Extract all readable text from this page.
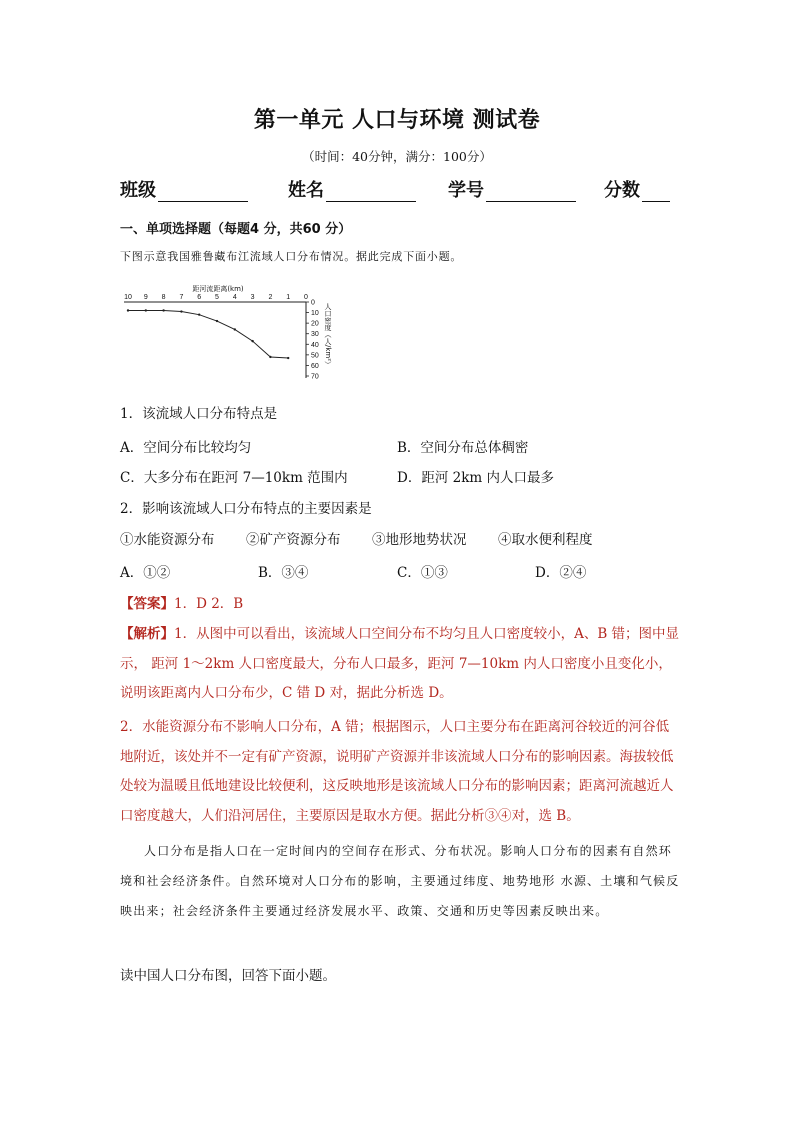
第一单元 人口与环境 测试卷
（时间：40分钟，满分：100分）
班级	姓名	学号	分数
一、单项选择题（每题4 分，共60 分）
下图示意我国雅鲁藏布江流域人口分布情况。据此完成下面小题。
10 9 8 7 6 5 4 3 2 1 0
距河流距离(km)
0
10
20
30
40
50
60
70
人口密度（人/km²）
1．该流域人口分布特点是
A．空间分布比较均匀	B．空间分布总体稠密
C．大多分布在距河 7—10km 范围内	D．距河 2km 内人口最多
2．影响该流域人口分布特点的主要因素是
①水能资源分布 ②矿产资源分布 ③地形地势状况 ④取水便利程度
A．①②	B．③④	C．①③	D．②④
【答案】1．D 2．B
【解析】1．从图中可以看出，该流域人口空间分布不均匀且人口密度较小，A、B 错；图中显示， 距河 1～2km 人口密度最大，分布人口最多，距河 7—10km 内人口密度小且变化小，说明该距离内人口分布少，C 错 D 对，据此分析选 D。
2．水能资源分布不影响人口分布，A 错；根据图示，人口主要分布在距离河谷较近的河谷低地附近，该处并不一定有矿产资源，说明矿产资源并非该流域人口分布的影响因素。海拔较低处较为温暖且低地建设比较便利，这反映地形是该流域人口分布的影响因素；距离河流越近人口密度越大，人们沿河居住，主要原因是取水方便。据此分析③④对，选 B。
人口分布是指人口在一定时间内的空间存在形式、分布状况。影响人口分布的因素有自然环境和社会经济条件。自然环境对人口分布的影响，主要通过纬度、地势地形 水源、土壤和气候反映出来；社会经济条件主要通过经济发展水平、政策、交通和历史等因素反映出来。
读中国人口分布图，回答下面小题。
